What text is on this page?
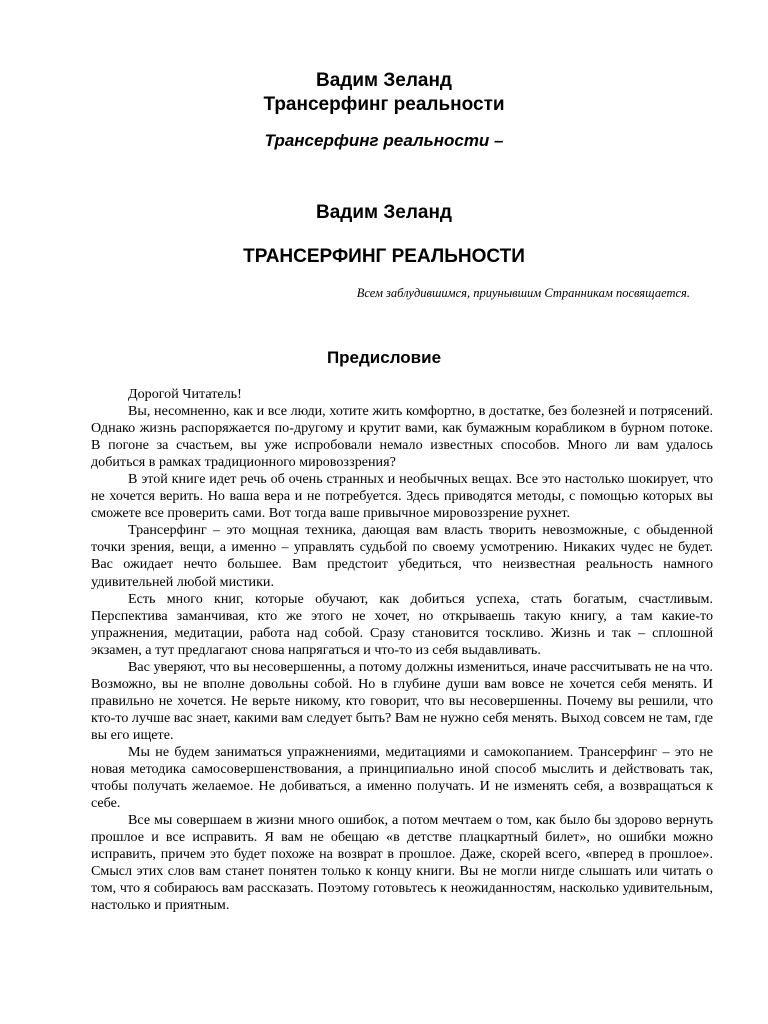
Вадим Зеланд
Трансерфинг реальности
Трансерфинг реальности –
Вадим Зеланд
ТРАНСЕРФИНГ РЕАЛЬНОСТИ
Всем заблудившимся, приунывшим Странникам посвящается.
Предисловие

Дорогой Читатель!

Вы, несомненно, как и все люди, хотите жить комфортно, в достатке, без болезней и потрясений. Однако жизнь распоряжается по-другому и крутит вами, как бумажным корабликом в бурном потоке. В погоне за счастьем, вы уже испробовали немало известных способов. Много ли вам удалось добиться в рамках традиционного мировоззрения?

В этой книге идет речь об очень странных и необычных вещах. Все это настолько шокирует, что не хочется верить. Но ваша вера и не потребуется. Здесь приводятся методы, с помощью которых вы сможете все проверить сами. Вот тогда ваше привычное мировоззрение рухнет.

Трансерфинг – это мощная техника, дающая вам власть творить невозможные, с обыденной точки зрения, вещи, а именно – управлять судьбой по своему усмотрению. Никаких чудес не будет. Вас ожидает нечто большее. Вам предстоит убедиться, что неизвестная реальность намного удивительней любой мистики.

Есть много книг, которые обучают, как добиться успеха, стать богатым, счастливым. Перспектива заманчивая, кто же этого не хочет, но открываешь такую книгу, а там какие-то упражнения, медитации, работа над собой. Сразу становится тоскливо. Жизнь и так – сплошной экзамен, а тут предлагают снова напрягаться и что-то из себя выдавливать.

Вас уверяют, что вы несовершенны, а потому должны измениться, иначе рассчитывать не на что. Возможно, вы не вполне довольны собой. Но в глубине души вам вовсе не хочется себя менять. И правильно не хочется. Не верьте никому, кто говорит, что вы несовершенны. Почему вы решили, что кто-то лучше вас знает, какими вам следует быть? Вам не нужно себя менять. Выход совсем не там, где вы его ищете.

Мы не будем заниматься упражнениями, медитациями и самокопанием. Трансерфинг – это не новая методика самосовершенствования, а принципиально иной способ мыслить и действовать так, чтобы получать желаемое. Не добиваться, а именно получать. И не изменять себя, а возвращаться к себе.

Все мы совершаем в жизни много ошибок, а потом мечтаем о том, как было бы здорово вернуть прошлое и все исправить. Я вам не обещаю «в детстве плацкартный билет», но ошибки можно исправить, причем это будет похоже на возврат в прошлое. Даже, скорей всего, «вперед в прошлое». Смысл этих слов вам станет понятен только к концу книги. Вы не могли нигде слышать или читать о том, что я собираюсь вам рассказать. Поэтому готовьтесь к неожиданностям, насколько удивительным, настолько и приятным.
